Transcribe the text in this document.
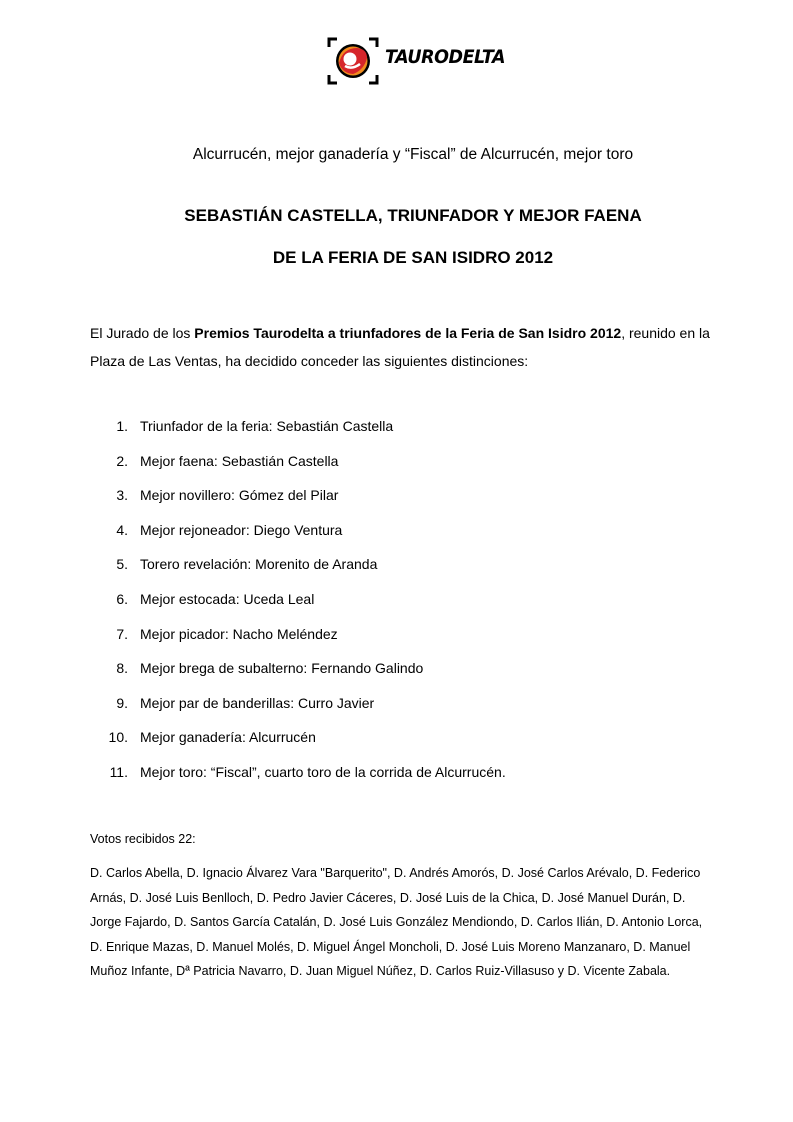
TAURODELTA
Alcurrucén, mejor ganadería y “Fiscal” de Alcurrucén, mejor toro
SEBASTIÁN CASTELLA, TRIUNFADOR Y MEJOR FAENA
DE LA FERIA DE SAN ISIDRO 2012

El Jurado de los Premios Taurodelta a triunfadores de la Feria de San Isidro 2012, reunido en la

Plaza de Las Ventas, ha decidido conceder las siguientes distinciones:

1. Triunfador de la feria: Sebastián Castella
2. Mejor faena: Sebastián Castella
3. Mejor novillero: Gómez del Pilar
4. Mejor rejoneador: Diego Ventura
5. Torero revelación: Morenito de Aranda
6. Mejor estocada: Uceda Leal
7. Mejor picador: Nacho Meléndez
8. Mejor brega de subalterno: Fernando Galindo
9. Mejor par de banderillas: Curro Javier
10. Mejor ganadería: Alcurrucén
11. Mejor toro: “Fiscal”, cuarto toro de la corrida de Alcurrucén.
Votos recibidos 22:

D. Carlos Abella, D. Ignacio Álvarez Vara "Barquerito", D. Andrés Amorós, D. José Carlos Arévalo, D. Federico

Arnás, D. José Luis Benlloch, D. Pedro Javier Cáceres, D. José Luis de la Chica, D. José Manuel Durán, D.

Jorge Fajardo, D. Santos García Catalán, D. José Luis González Mendiondo, D. Carlos Ilián, D. Antonio Lorca,

D. Enrique Mazas, D. Manuel Molés, D. Miguel Ángel Moncholi, D. José Luis Moreno Manzanaro, D. Manuel

Muñoz Infante, Dª Patricia Navarro, D. Juan Miguel Núñez, D. Carlos Ruiz-Villasuso y D. Vicente Zabala.
